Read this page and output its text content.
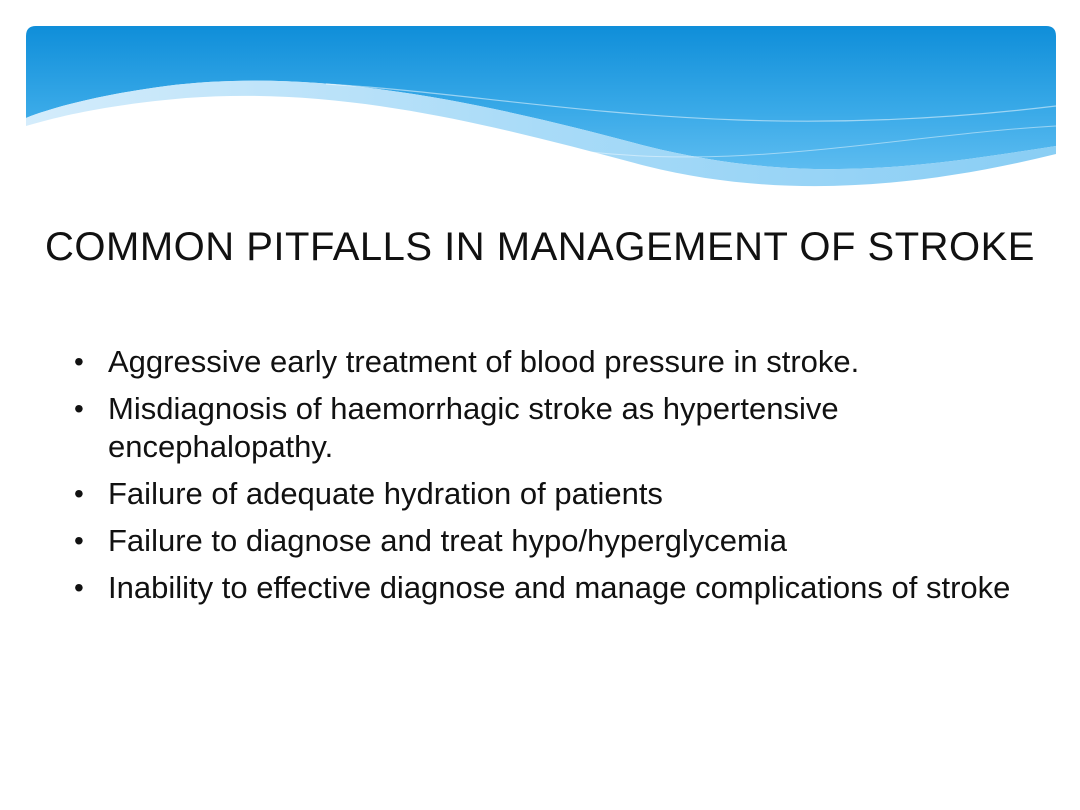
COMMON PITFALLS IN MANAGEMENT OF STROKE
• Aggressive early treatment of blood pressure in stroke.
• Misdiagnosis of haemorrhagic stroke as hypertensive encephalopathy.
• Failure of adequate hydration of patients
• Failure to diagnose and treat hypo/hyperglycemia
• Inability to effective diagnose and manage complications of stroke
